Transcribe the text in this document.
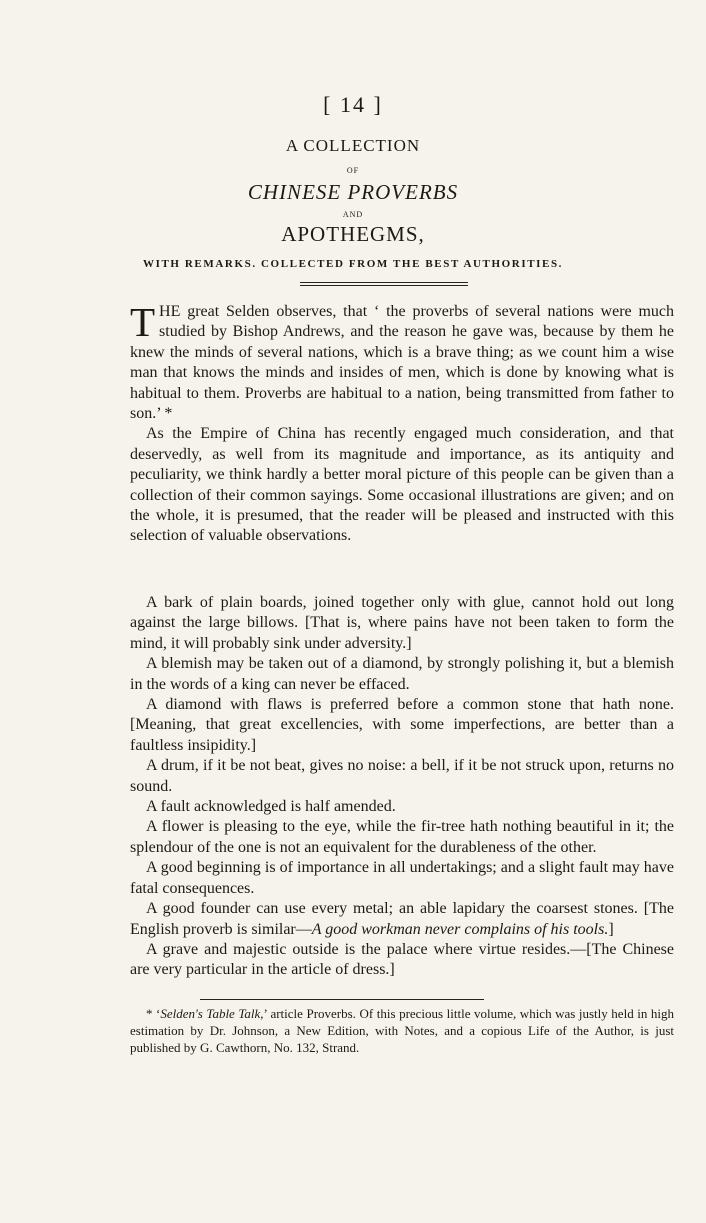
[ 14 ]
A COLLECTION
OF
CHINESE PROVERBS
AND
APOTHEGMS,
WITH REMARKS. COLLECTED FROM THE BEST AUTHORITIES.

THE great Selden observes, that ‘ the proverbs of several nations were much studied by Bishop Andrews, and the reason he gave was, because by them he knew the minds of several nations, which is a brave thing; as we count him a wise man that knows the minds and insides of men, which is done by knowing what is habitual to them. Proverbs are habitual to a nation, being transmitted from father to son.’ *

As the Empire of China has recently engaged much consideration, and that deservedly, as well from its magnitude and importance, as its antiquity and peculiarity, we think hardly a better moral picture of this people can be given than a collection of their common sayings. Some occasional illustrations are given; and on the whole, it is presumed, that the reader will be pleased and instructed with this selection of valuable observations.

A bark of plain boards, joined together only with glue, cannot hold out long against the large billows. [That is, where pains have not been taken to form the mind, it will probably sink under adversity.]

A blemish may be taken out of a diamond, by strongly polishing it, but a blemish in the words of a king can never be effaced.

A diamond with flaws is preferred before a common stone that hath none. [Meaning, that great excellencies, with some imperfections, are better than a faultless insipidity.]

A drum, if it be not beat, gives no noise: a bell, if it be not struck upon, returns no sound.

A fault acknowledged is half amended.

A flower is pleasing to the eye, while the fir-tree hath nothing beautiful in it; the splendour of the one is not an equivalent for the durableness of the other.

A good beginning is of importance in all undertakings; and a slight fault may have fatal consequences.

A good founder can use every metal; an able lapidary the coarsest stones. [The English proverb is similar—A good workman never complains of his tools.]

A grave and majestic outside is the palace where virtue resides.—[The Chinese are very particular in the article of dress.]

* ‘Selden's Table Talk,’ article Proverbs. Of this precious little volume, which was justly held in high estimation by Dr. Johnson, a New Edition, with Notes, and a copious Life of the Author, is just published by G. Cawthorn, No. 132, Strand.
